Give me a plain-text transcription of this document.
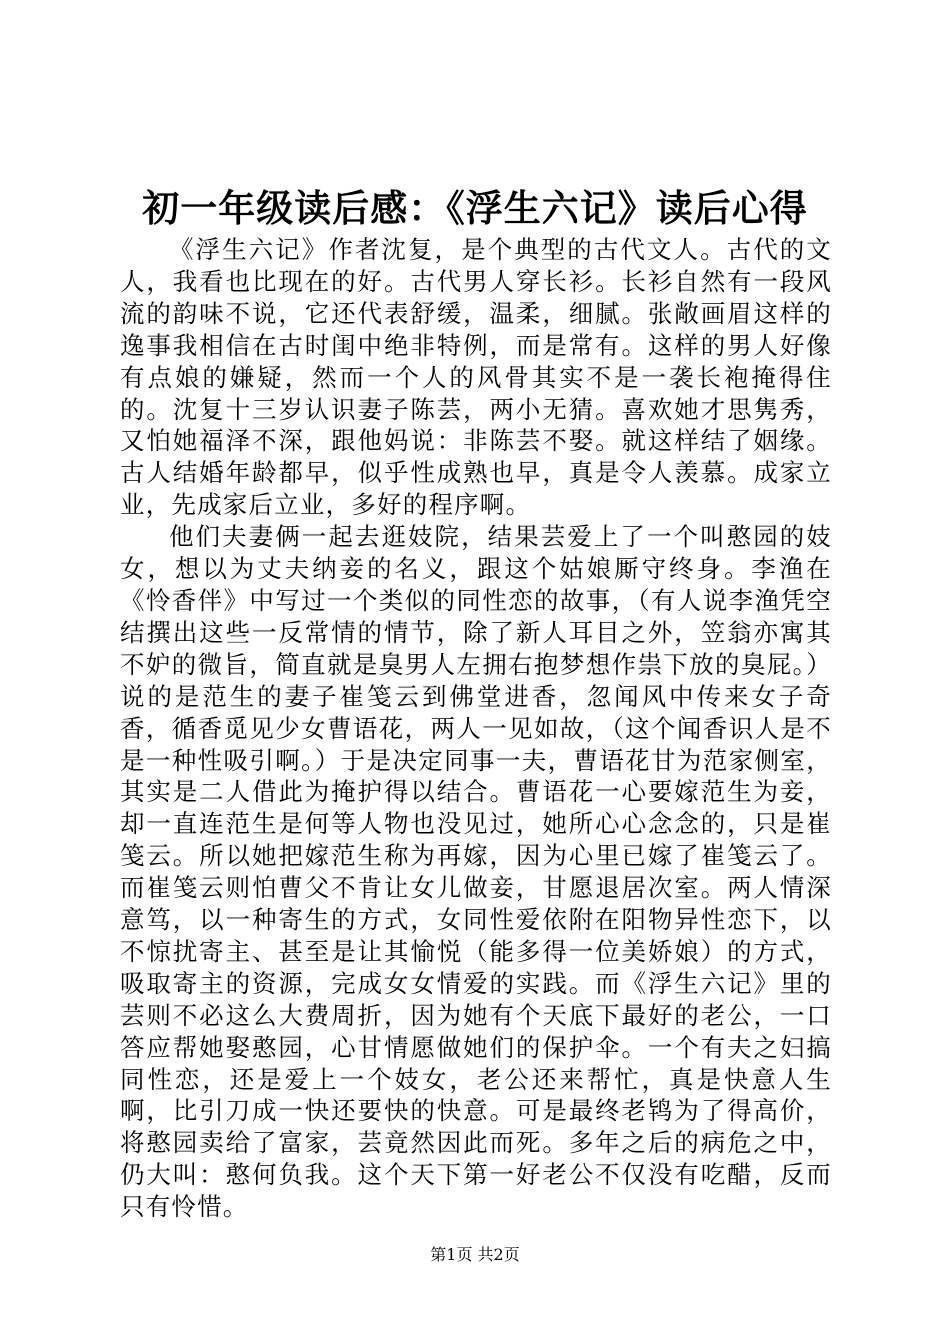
初一年级读后感：《浮生六记》读后心得

《浮生六记》作者沈复，是个典型的古代文人。古代的文人，我看也比现在的好。古代男人穿长衫。长衫自然有一段风流的韵味不说，它还代表舒缓，温柔，细腻。张敞画眉这样的逸事我相信在古时闺中绝非特例，而是常有。这样的男人好像有点娘的嫌疑，然而一个人的风骨其实不是一袭长袍掩得住的。沈复十三岁认识妻子陈芸，两小无猜。喜欢她才思隽秀，又怕她福泽不深，跟他妈说：非陈芸不娶。就这样结了姻缘。古人结婚年龄都早，似乎性成熟也早，真是令人羡慕。成家立业，先成家后立业，多好的程序啊。

他们夫妻俩一起去逛妓院，结果芸爱上了一个叫憨园的妓女，想以为丈夫纳妾的名义，跟这个姑娘厮守终身。李渔在《怜香伴》中写过一个类似的同性恋的故事，（有人说李渔凭空结撰出这些一反常情的情节，除了新人耳目之外，笠翁亦寓其不妒的微旨，简直就是臭男人左拥右抱梦想作祟下放的臭屁。）说的是范生的妻子崔笺云到佛堂进香，忽闻风中传来女子奇香，循香觅见少女曹语花，两人一见如故，（这个闻香识人是不是一种性吸引啊。）于是决定同事一夫，曹语花甘为范家侧室，其实是二人借此为掩护得以结合。曹语花一心要嫁范生为妾，却一直连范生是何等人物也没见过，她所心心念念的，只是崔笺云。所以她把嫁范生称为再嫁，因为心里已嫁了崔笺云了。而崔笺云则怕曹父不肯让女儿做妾，甘愿退居次室。两人情深意笃，以一种寄生的方式，女同性爱依附在阳物异性恋下，以不惊扰寄主、甚至是让其愉悦（能多得一位美娇娘）的方式，吸取寄主的资源，完成女女情爱的实践。而《浮生六记》里的芸则不必这么大费周折，因为她有个天底下最好的老公，一口答应帮她娶憨园，心甘情愿做她们的保护伞。一个有夫之妇搞同性恋，还是爱上一个妓女，老公还来帮忙，真是快意人生啊，比引刀成一快还要快的快意。可是最终老鸨为了得高价，将憨园卖给了富家，芸竟然因此而死。多年之后的病危之中，仍大叫：憨何负我。这个天下第一好老公不仅没有吃醋，反而只有怜惜。

第1页 共2页
